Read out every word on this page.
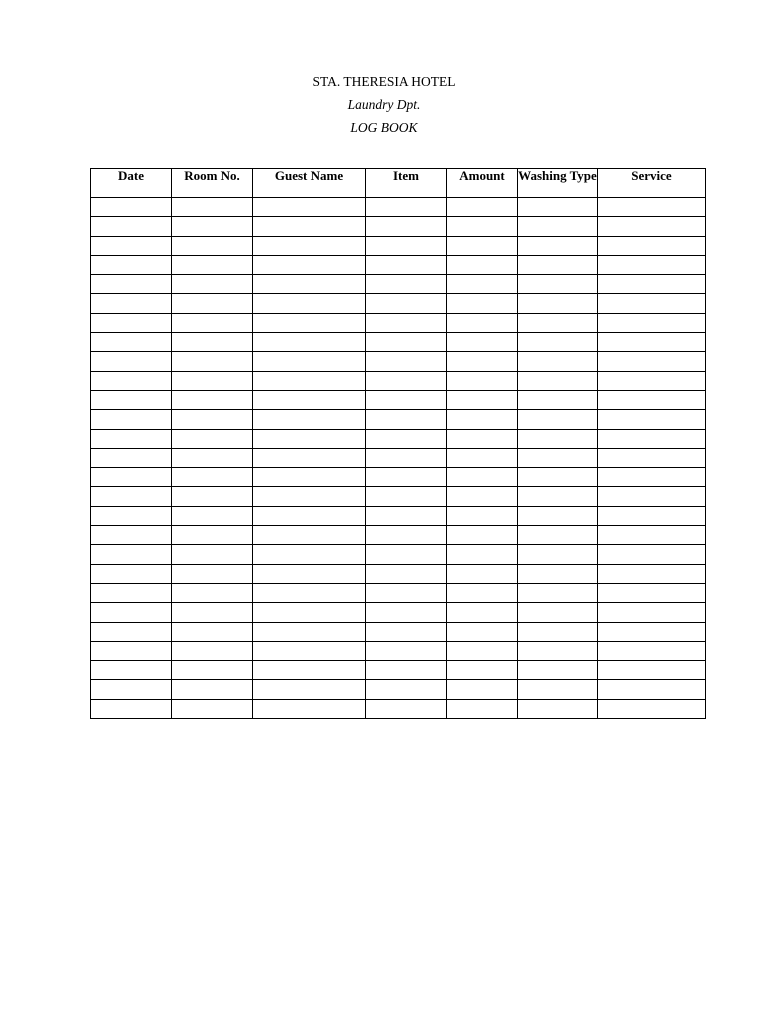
STA. THERESIA HOTEL
Laundry Dpt.
LOG BOOK
Date	Room No.	Guest Name	Item	Amount	Washing Type	Service
